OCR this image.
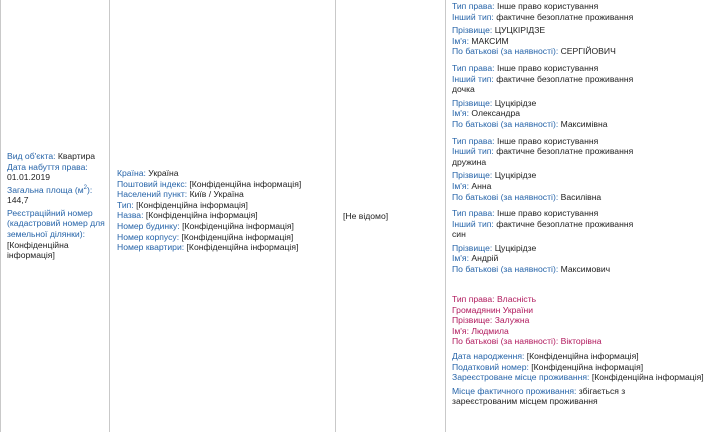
Вид об'єкта: Квартира
Дата набуття права:
01.01.2019
Загальна площа $(м^2)$:
144,7
Реєстраційний номер (кадастровий номер для земельної ділянки):
[Конфіденційна інформація]
Країна: Україна
Поштовий індекс: [Конфіденційна інформація]
Населений пункт: Київ / Україна
Тип: [Конфіденційна інформація]
Назва: [Конфіденційна інформація]
Номер будинку: [Конфіденційна інформація]
Номер корпусу: [Конфіденційна інформація]
Номер квартири: [Конфіденційна інформація]
[Не відомо]
Тип права: Інше право користування
Інший тип: фактичне безоплатне проживання
Прізвище: ЦУЦКІРІДЗЕ
Ім'я: МАКСИМ
По батькові (за наявності): СЕРГІЙОВИЧ
Тип права: Інше право користування
Інший тип: фактичне безоплатне проживання
дочка
Прізвище: Цуцкірідзе
Ім'я: Олександра
По батькові (за наявності): Максимівна
Тип права: Інше право користування
Інший тип: фактичне безоплатне проживання
дружина
Прізвище: Цуцкірідзе
Ім'я: Анна
По батькові (за наявності): Василівна
Тип права: Інше право користування
Інший тип: фактичне безоплатне проживання
син
Прізвище: Цуцкірідзе
Ім'я: Андрій
По батькові (за наявності): Максимович
Тип права: Власність
Громадянин України
Прізвище: Залужна
Ім'я: Людмила
По батькові (за наявності): Вікторівна
Дата народження: [Конфіденційна інформація]
Податковий номер: [Конфіденційна інформація]
Зареєстроване місце проживання: [Конфіденційна інформація]
Місце фактичного проживання: збігається з зареєстрованим місцем проживання
